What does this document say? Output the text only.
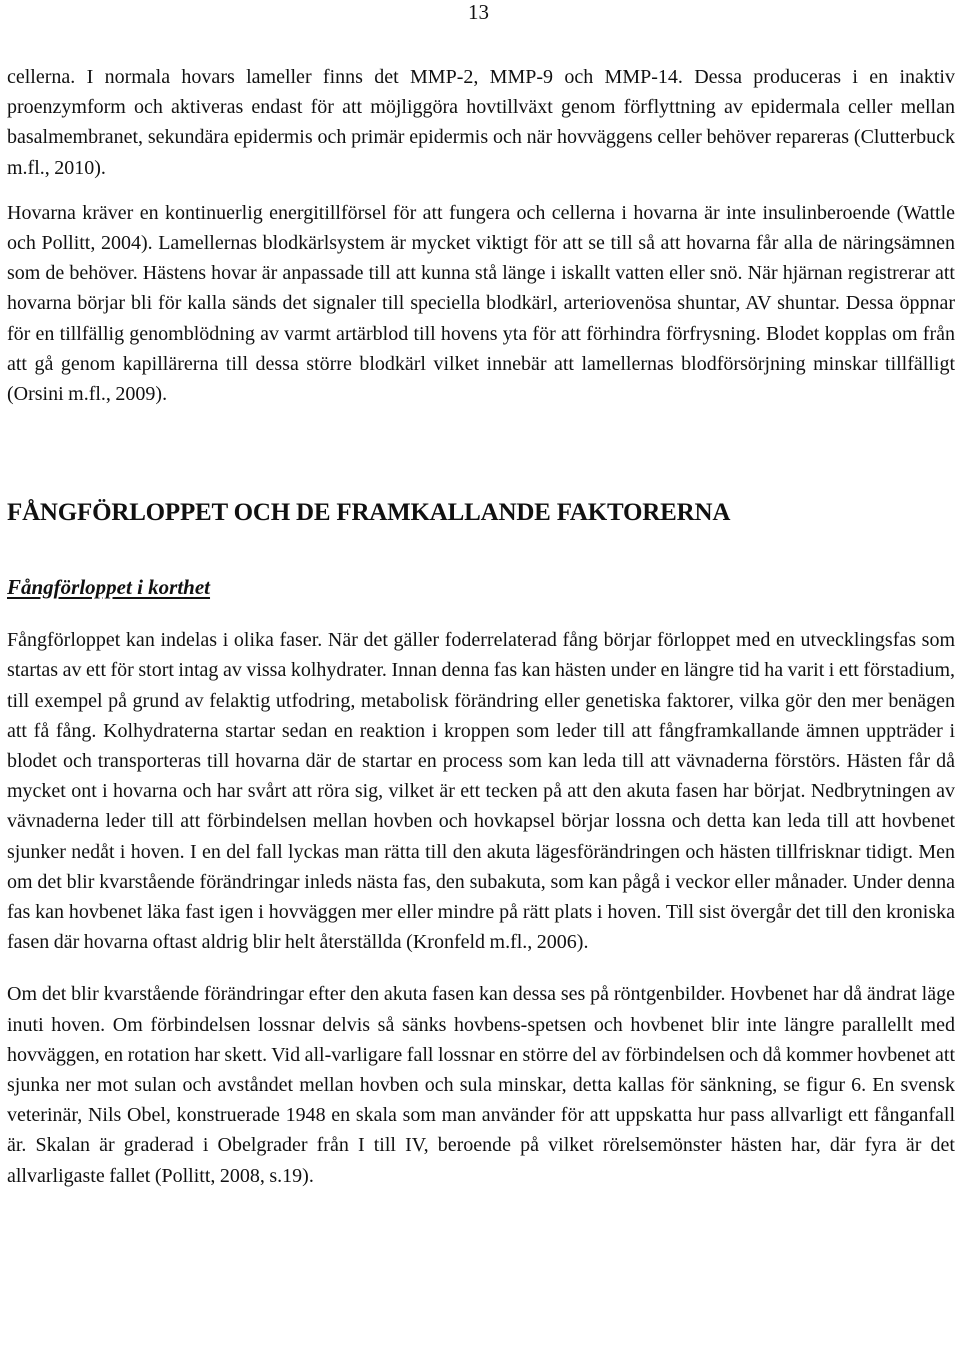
13

cellerna. I normala hovars lameller finns det MMP-2, MMP-9 och MMP-14. Dessa produceras i en inaktiv proenzymform och aktiveras endast för att möjliggöra hovtillväxt genom förflyttning av epidermala celler mellan basalmembranet, sekundära epidermis och primär epidermis och när hovväggens celler behöver repareras (Clutterbuck m.fl., 2010).

Hovarna kräver en kontinuerlig energitillförsel för att fungera och cellerna i hovarna är inte insulinberoende (Wattle och Pollitt, 2004). Lamellernas blodkärlsystem är mycket viktigt för att se till så att hovarna får alla de näringsämnen som de behöver. Hästens hovar är anpassade till att kunna stå länge i iskallt vatten eller snö. När hjärnan registrerar att hovarna börjar bli för kalla sänds det signaler till speciella blodkärl, arteriovenösa shuntar, AV shuntar. Dessa öppnar för en tillfällig genomblödning av varmt artärblod till hovens yta för att förhindra förfrysning. Blodet kopplas om från att gå genom kapillärerna till dessa större blodkärl vilket innebär att lamellernas blodförsörjning minskar tillfälligt (Orsini m.fl., 2009).

FÅNGFÖRLOPPET OCH DE FRAMKALLANDE FAKTORERNA
Fångförloppet i korthet

Fångförloppet kan indelas i olika faser. När det gäller foderrelaterad fång börjar förloppet med en utvecklingsfas som startas av ett för stort intag av vissa kolhydrater. Innan denna fas kan hästen under en längre tid ha varit i ett förstadium, till exempel på grund av felaktig utfodring, metabolisk förändring eller genetiska faktorer, vilka gör den mer benägen att få fång. Kolhydraterna startar sedan en reaktion i kroppen som leder till att fångframkallande ämnen uppträder i blodet och transporteras till hovarna där de startar en process som kan leda till att vävnaderna förstörs. Hästen får då mycket ont i hovarna och har svårt att röra sig, vilket är ett tecken på att den akuta fasen har börjat. Nedbrytningen av vävnaderna leder till att förbindelsen mellan hovben och hovkapsel börjar lossna och detta kan leda till att hovbenet sjunker nedåt i hoven. I en del fall lyckas man rätta till den akuta lägesförändringen och hästen tillfrisknar tidigt. Men om det blir kvarstående förändringar inleds nästa fas, den subakuta, som kan pågå i veckor eller månader. Under denna fas kan hovbenet läka fast igen i hovväggen mer eller mindre på rätt plats i hoven. Till sist övergår det till den kroniska fasen där hovarna oftast aldrig blir helt återställda (Kronfeld m.fl., 2006).

Om det blir kvarstående förändringar efter den akuta fasen kan dessa ses på röntgenbilder. Hovbenet har då ändrat läge inuti hoven. Om förbindelsen lossnar delvis så sänks hovbens-spetsen och hovbenet blir inte längre parallellt med hovväggen, en rotation har skett. Vid all-varligare fall lossnar en större del av förbindelsen och då kommer hovbenet att sjunka ner mot sulan och avståndet mellan hovben och sula minskar, detta kallas för sänkning, se figur 6. En svensk veterinär, Nils Obel, konstruerade 1948 en skala som man använder för att uppskatta hur pass allvarligt ett fånganfall är. Skalan är graderad i Obelgrader från I till IV, beroende på vilket rörelsemönster hästen har, där fyra är det allvarligaste fallet (Pollitt, 2008, s.19).
